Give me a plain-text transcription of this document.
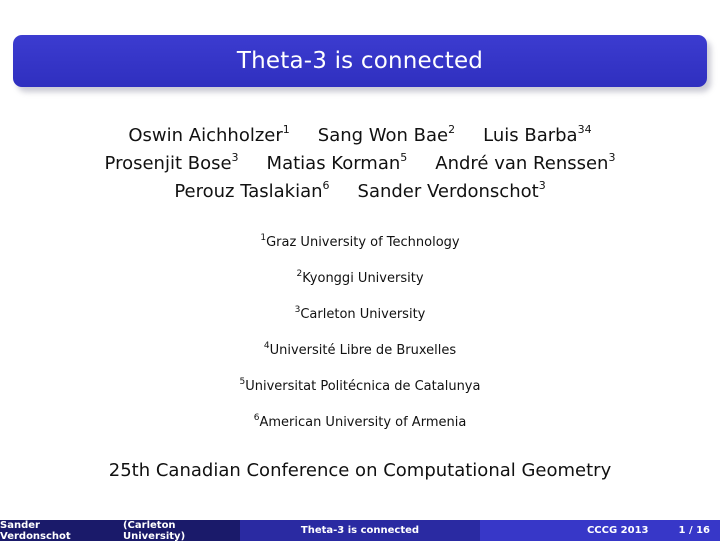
Theta-3 is connected
Oswin Aichholzer$^1$ Sang Won Bae$^2$ Luis Barba$^{34}$
Prosenjit Bose$^3$ Matias Korman$^5$ André van Renssen$^3$
Perouz Taslakian$^6$ Sander Verdonschot$^3$
$^1$Graz University of Technology
$^2$Kyonggi University
$^3$Carleton University
$^4$Université Libre de Bruxelles
$^5$Universitat Politécnica de Catalunya
$^6$American University of Armenia
25th Canadian Conference on Computational Geometry
Sander Verdonschot
(Carleton University)	Theta-3 is connected	CCCG 2013	1 / 16
